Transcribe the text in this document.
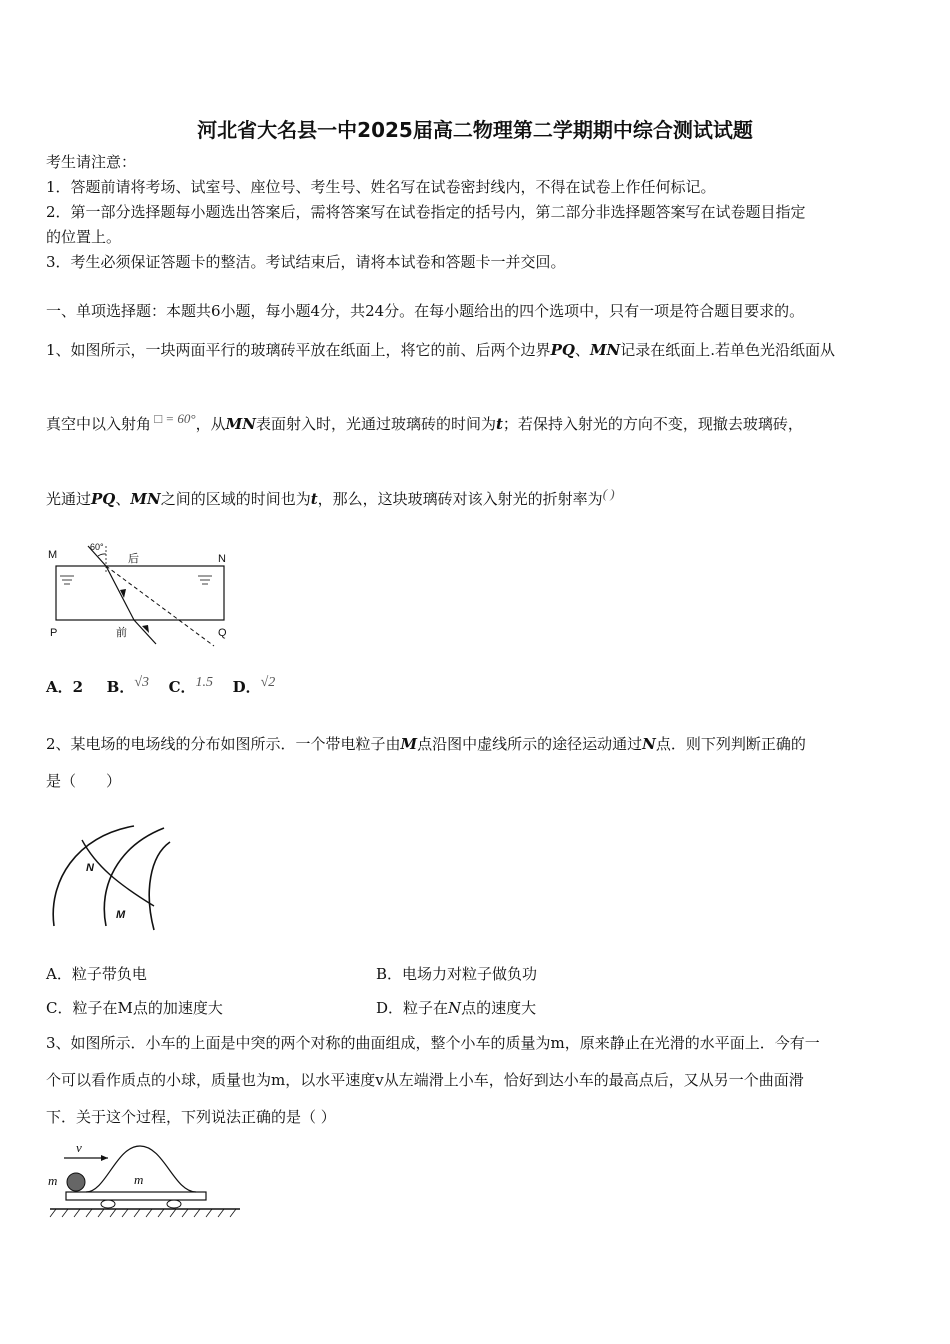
河北省大名县一中2025届高二物理第二学期期中综合测试试题
考生请注意：
1．答题前请将考场、试室号、座位号、考生号、姓名写在试卷密封线内，不得在试卷上作任何标记。
2．第一部分选择题每小题选出答案后，需将答案写在试卷指定的括号内，第二部分非选择题答案写在试卷题目指定
的位置上。
3．考生必须保证答题卡的整洁。考试结束后，请将本试卷和答题卡一并交回。
一、单项选择题：本题共6小题，每小题4分，共24分。在每小题给出的四个选项中，只有一项是符合题目要求的。
1、如图所示，一块两面平行的玻璃砖平放在纸面上，将它的前、后两个边界PQ、MN记录在纸面上.若单色光沿纸面从
真空中以入射角 □ = 60°，从MN表面射入时，光通过玻璃砖的时间为t；若保持入射光的方向不变，现撤去玻璃砖，
光通过PQ、MN之间的区域的时间也为t，那么，这块玻璃砖对该入射光的折射率为( )
M	N
P	Q
60°
后
前
A．2 B．√3 C．1.5 D．√2
2、某电场的电场线的分布如图所示．一个带电粒子由M点沿图中虚线所示的途径运动通过N点．则下列判断正确的
是（　　）
N
M
A．粒子带负电	B．电场力对粒子做负功
C．粒子在M点的加速度大	D．粒子在N点的速度大
3、如图所示．小车的上面是中突的两个对称的曲面组成，整个小车的质量为m，原来静止在光滑的水平面上．今有一
个可以看作质点的小球，质量也为m，以水平速度v从左端滑上小车，恰好到达小车的最高点后，又从另一个曲面滑
下．关于这个过程，下列说法正确的是（ ）
v
m	m
